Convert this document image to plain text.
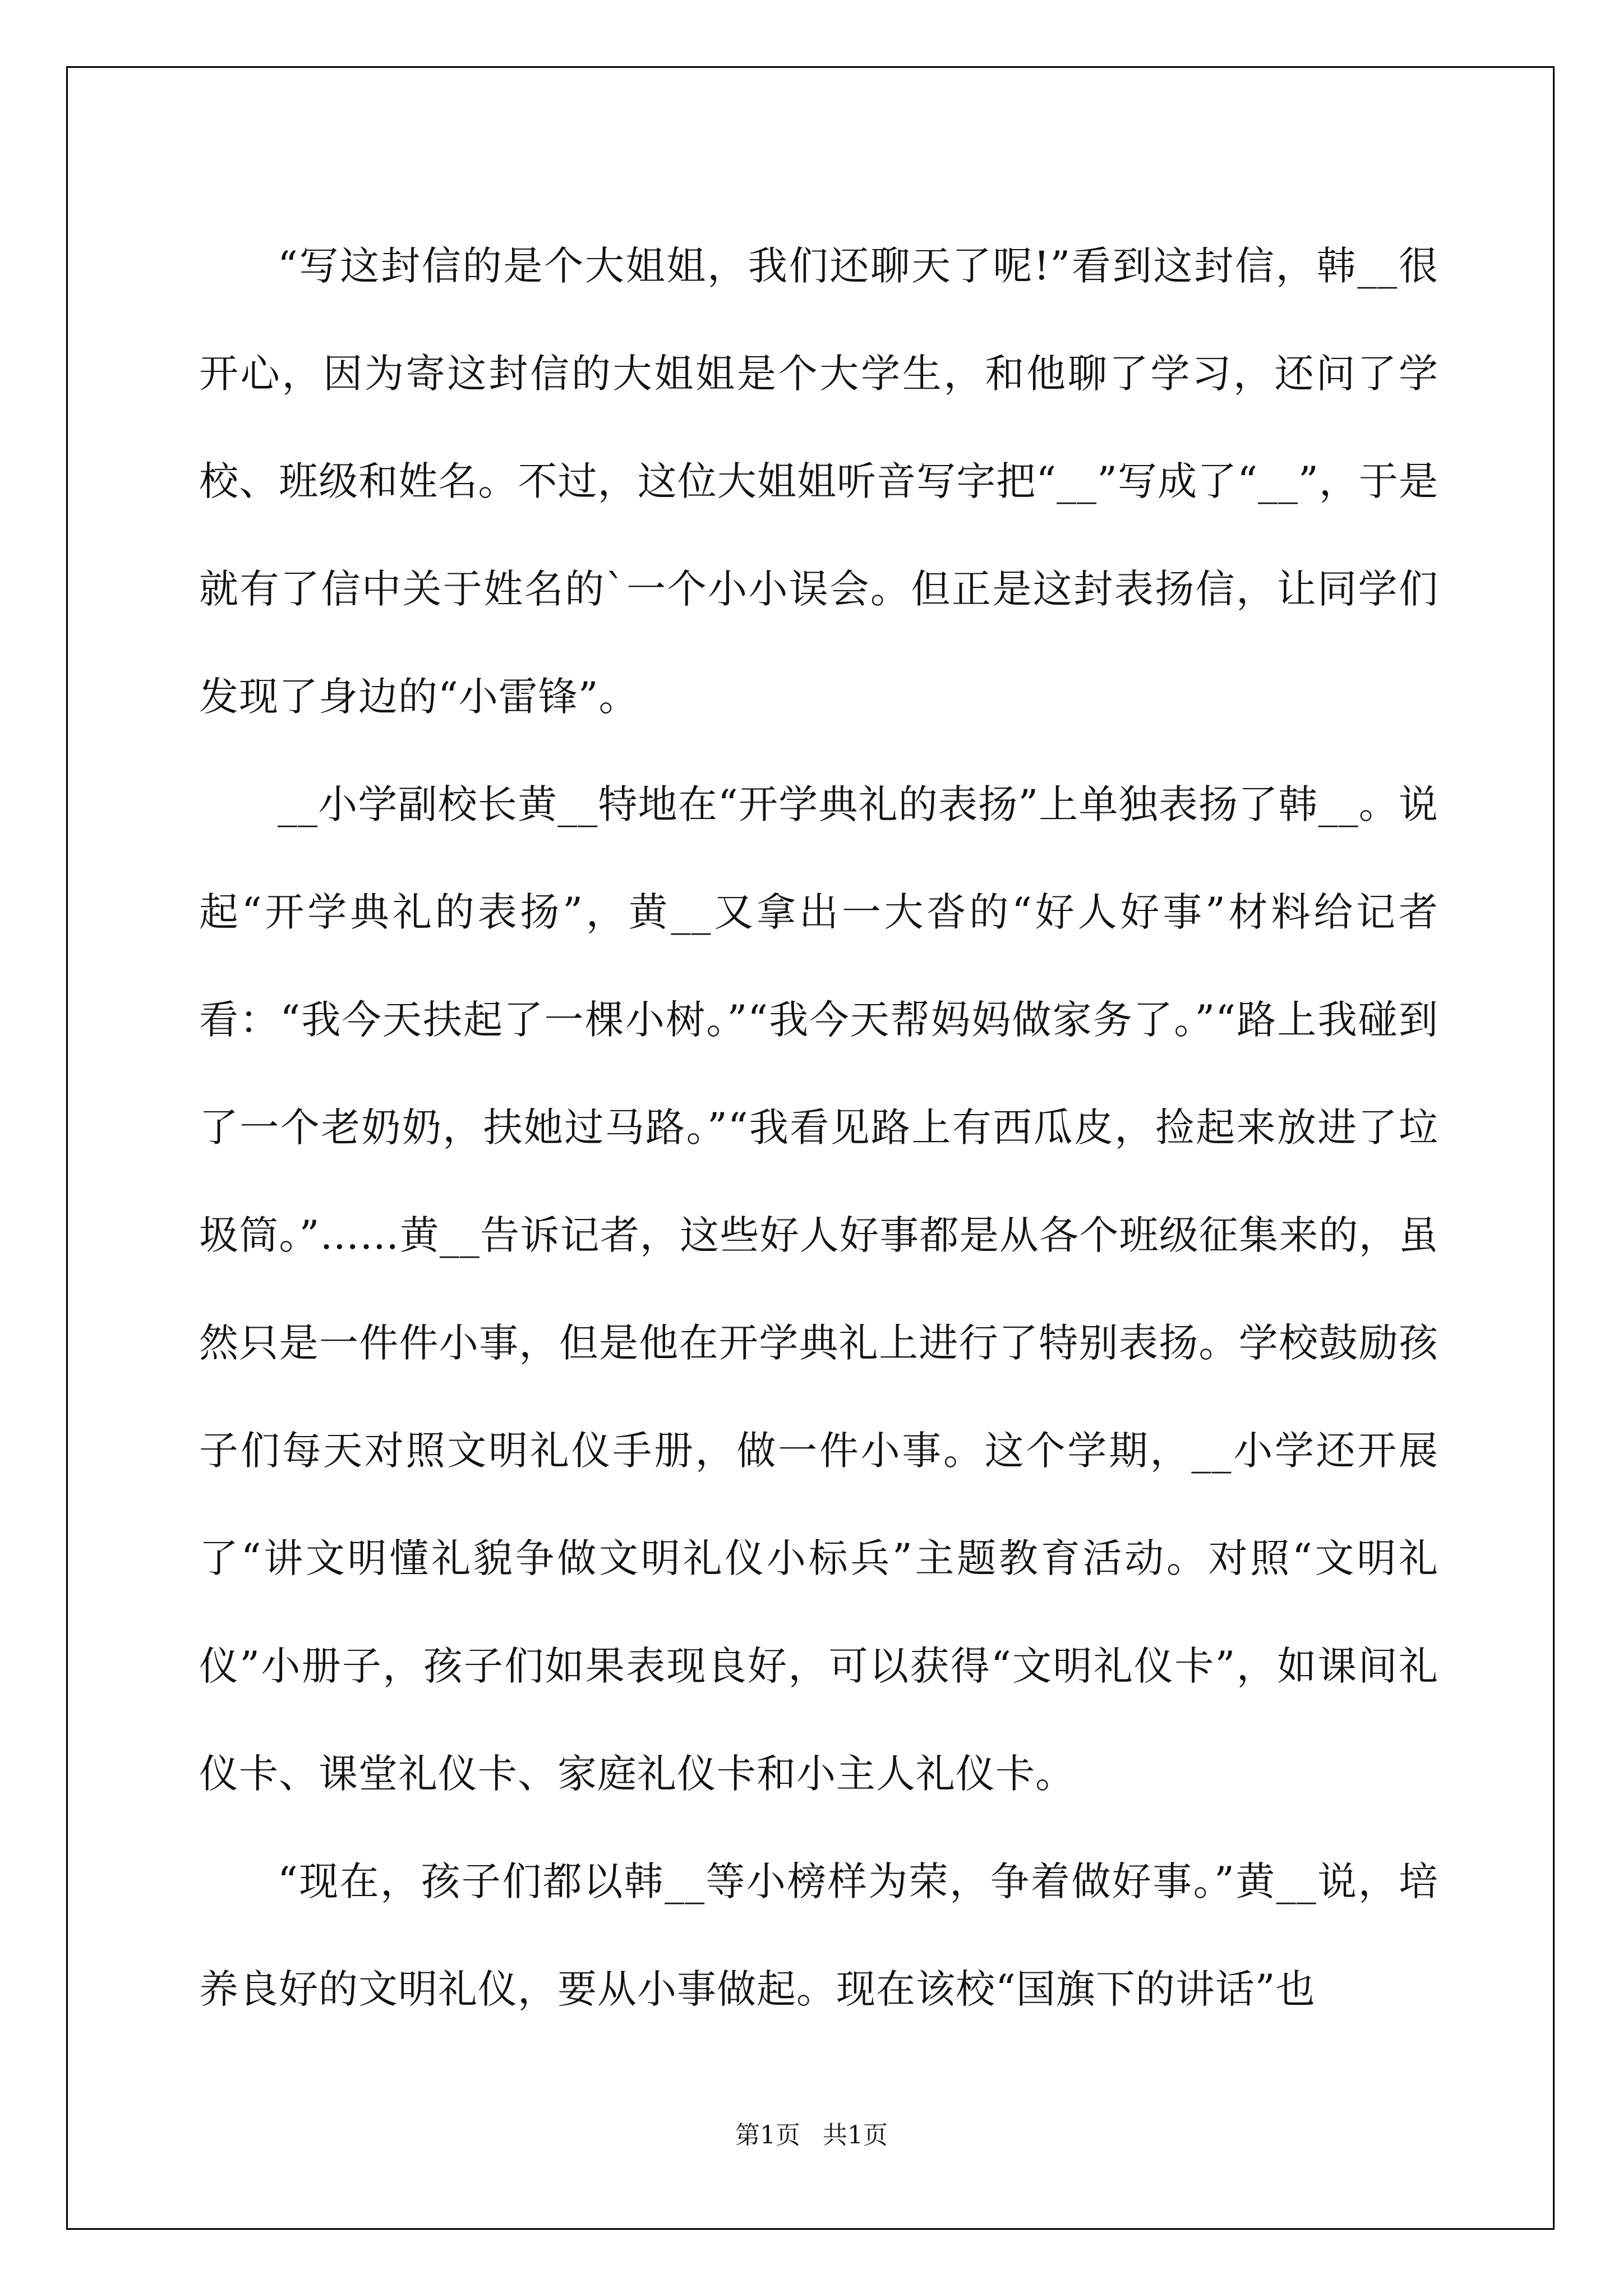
“写这封信的是个大姐姐，我们还聊天了呢!”看到这封信，韩__很开心，因为寄这封信的大姐姐是个大学生，和他聊了学习，还问了学校、班级和姓名。不过，这位大姐姐听音写字把“__”写成了“__”，于是就有了信中关于姓名的`一个小小误会。但正是这封表扬信，让同学们发现了身边的“小雷锋”。

__小学副校长黄__特地在“开学典礼的表扬”上单独表扬了韩__。说起“开学典礼的表扬”，黄__又拿出一大沓的“好人好事”材料给记者看：“我今天扶起了一棵小树。”“我今天帮妈妈做家务了。”“路上我碰到了一个老奶奶，扶她过马路。”“我看见路上有西瓜皮，捡起来放进了垃圾筒。”……黄__告诉记者，这些好人好事都是从各个班级征集来的，虽然只是一件件小事，但是他在开学典礼上进行了特别表扬。学校鼓励孩子们每天对照文明礼仪手册，做一件小事。这个学期，__小学还开展了“讲文明懂礼貌争做文明礼仪小标兵”主题教育活动。对照“文明礼仪”小册子，孩子们如果表现良好，可以获得“文明礼仪卡”，如课间礼仪卡、课堂礼仪卡、家庭礼仪卡和小主人礼仪卡。

“现在，孩子们都以韩__等小榜样为荣，争着做好事。”黄__说，培养良好的文明礼仪，要从小事做起。现在该校“国旗下的讲话”也

第1页 共1页
